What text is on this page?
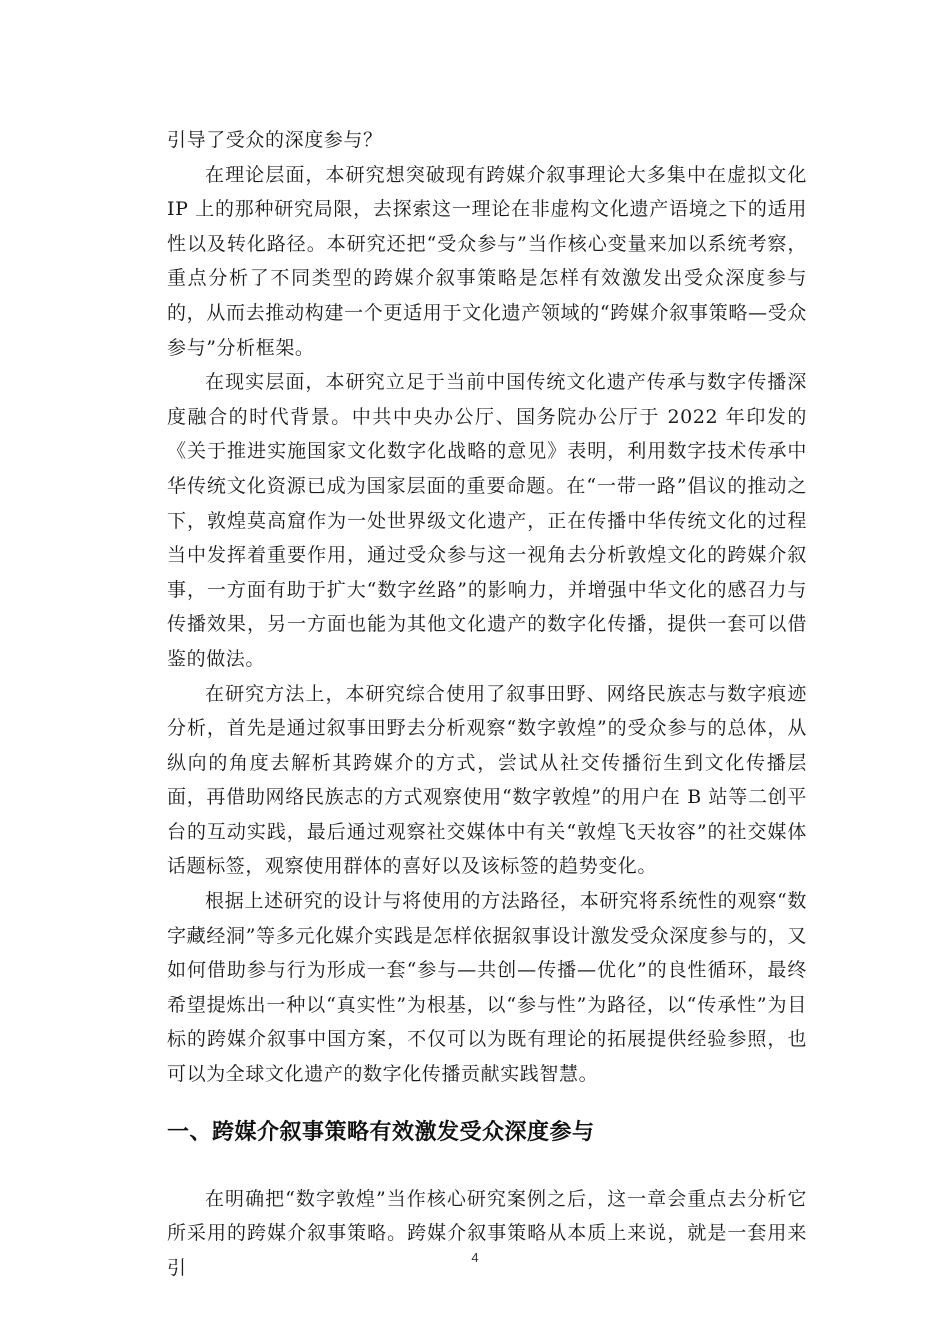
引导了受众的深度参与？

在理论层面，本研究想突破现有跨媒介叙事理论大多集中在虚拟文化 IP 上的那种研究局限，去探索这一理论在非虚构文化遗产语境之下的适用性以及转化路径。本研究还把“受众参与”当作核心变量来加以系统考察，重点分析了不同类型的跨媒介叙事策略是怎样有效激发出受众深度参与的，从而去推动构建一个更适用于文化遗产领域的“跨媒介叙事策略—受众参与”分析框架。

在现实层面，本研究立足于当前中国传统文化遗产传承与数字传播深度融合的时代背景。中共中央办公厅、国务院办公厅于 2022 年印发的《关于推进实施国家文化数字化战略的意见》表明，利用数字技术传承中华传统文化资源已成为国家层面的重要命题。在“一带一路”倡议的推动之下，敦煌莫高窟作为一处世界级文化遗产，正在传播中华传统文化的过程当中发挥着重要作用，通过受众参与这一视角去分析敦煌文化的跨媒介叙事，一方面有助于扩大“数字丝路”的影响力，并增强中华文化的感召力与传播效果，另一方面也能为其他文化遗产的数字化传播，提供一套可以借鉴的做法。

在研究方法上，本研究综合使用了叙事田野、网络民族志与数字痕迹分析，首先是通过叙事田野去分析观察“数字敦煌”的受众参与的总体，从纵向的角度去解析其跨媒介的方式，尝试从社交传播衍生到文化传播层面，再借助网络民族志的方式观察使用“数字敦煌”的用户在 B 站等二创平台的互动实践，最后通过观察社交媒体中有关“敦煌飞天妆容”的社交媒体话题标签，观察使用群体的喜好以及该标签的趋势变化。

根据上述研究的设计与将使用的方法路径，本研究将系统性的观察“数字藏经洞”等多元化媒介实践是怎样依据叙事设计激发受众深度参与的，又如何借助参与行为形成一套“参与—共创—传播—优化”的良性循环，最终希望提炼出一种以“真实性”为根基，以“参与性”为路径，以“传承性”为目标的跨媒介叙事中国方案，不仅可以为既有理论的拓展提供经验参照，也可以为全球文化遗产的数字化传播贡献实践智慧。

一、跨媒介叙事策略有效激发受众深度参与

在明确把“数字敦煌”当作核心研究案例之后，这一章会重点去分析它所采用的跨媒介叙事策略。跨媒介叙事策略从本质上来说，就是一套用来引	4
